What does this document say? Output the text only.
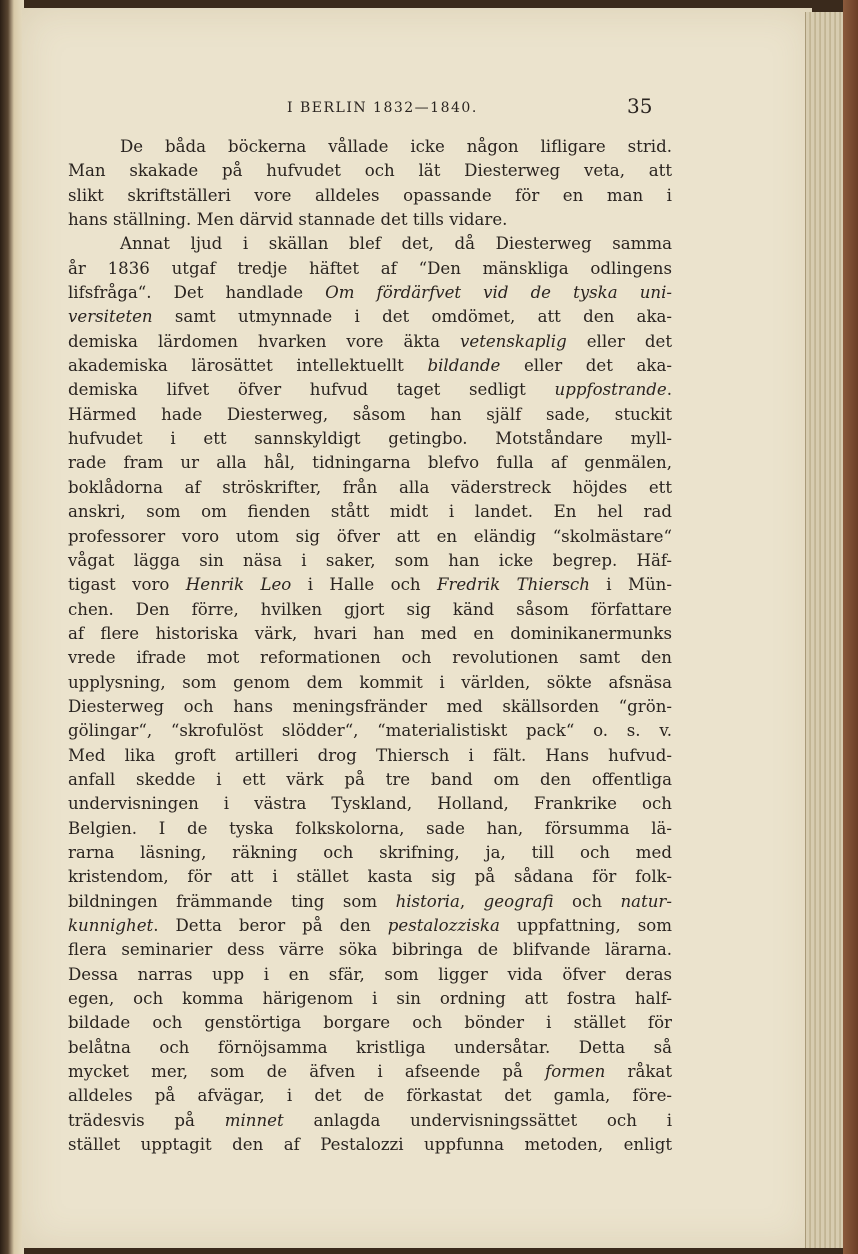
I BERLIN 1832—1840.	35
De båda böckerna vållade icke någon lifligare strid.
Man skakade på hufvudet och lät Diesterweg veta, att
slikt skriftställeri vore alldeles opassande för en man i
hans ställning. Men därvid stannade det tills vidare.
Annat ljud i skällan blef det, då Diesterweg samma
år 1836 utgaf tredje häftet af “Den mänskliga odlingens
lifsfråga“. Det handlade Om fördärfvet vid de tyska uni-
versiteten samt utmynnade i det omdömet, att den aka-
demiska lärdomen hvarken vore äkta vetenskaplig eller det
akademiska lärosättet intellektuellt bildande eller det aka-
demiska lifvet öfver hufvud taget sedligt uppfostrande.
Härmed hade Diesterweg, såsom han själf sade, stuckit
hufvudet i ett sannskyldigt getingbo. Motståndare myll-
rade fram ur alla hål, tidningarna blefvo fulla af genmälen,
boklådorna af ströskrifter, från alla väderstreck höjdes ett
anskri, som om fienden stått midt i landet. En hel rad
professorer voro utom sig öfver att en eländig “skolmästare“
vågat lägga sin näsa i saker, som han icke begrep. Häf-
tigast voro Henrik Leo i Halle och Fredrik Thiersch i Mün-
chen. Den förre, hvilken gjort sig känd såsom författare
af flere historiska värk, hvari han med en dominikanermunks
vrede ifrade mot reformationen och revolutionen samt den
upplysning, som genom dem kommit i världen, sökte afsnäsa
Diesterweg och hans meningsfränder med skällsorden “grön-
gölingar“, “skrofulöst slödder“, “materialistiskt pack“ o. s. v.
Med lika groft artilleri drog Thiersch i fält. Hans hufvud-
anfall skedde i ett värk på tre band om den offentliga
undervisningen i västra Tyskland, Holland, Frankrike och
Belgien. I de tyska folkskolorna, sade han, försumma lä-
rarna läsning, räkning och skrifning, ja, till och med
kristendom, för att i stället kasta sig på sådana för folk-
bildningen främmande ting som historia, geografi och natur-
kunnighet. Detta beror på den pestalozziska uppfattning, som
flera seminarier dess värre söka bibringa de blifvande lärarna.
Dessa narras upp i en sfär, som ligger vida öfver deras
egen, och komma härigenom i sin ordning att fostra half-
bildade och genstörtiga borgare och bönder i stället för
belåtna och förnöjsamma kristliga undersåtar. Detta så
mycket mer, som de äfven i afseende på formen råkat
alldeles på afvägar, i det de förkastat det gamla, före-
trädesvis på minnet anlagda undervisningssättet och i
stället upptagit den af Pestalozzi uppfunna metoden, enligt
